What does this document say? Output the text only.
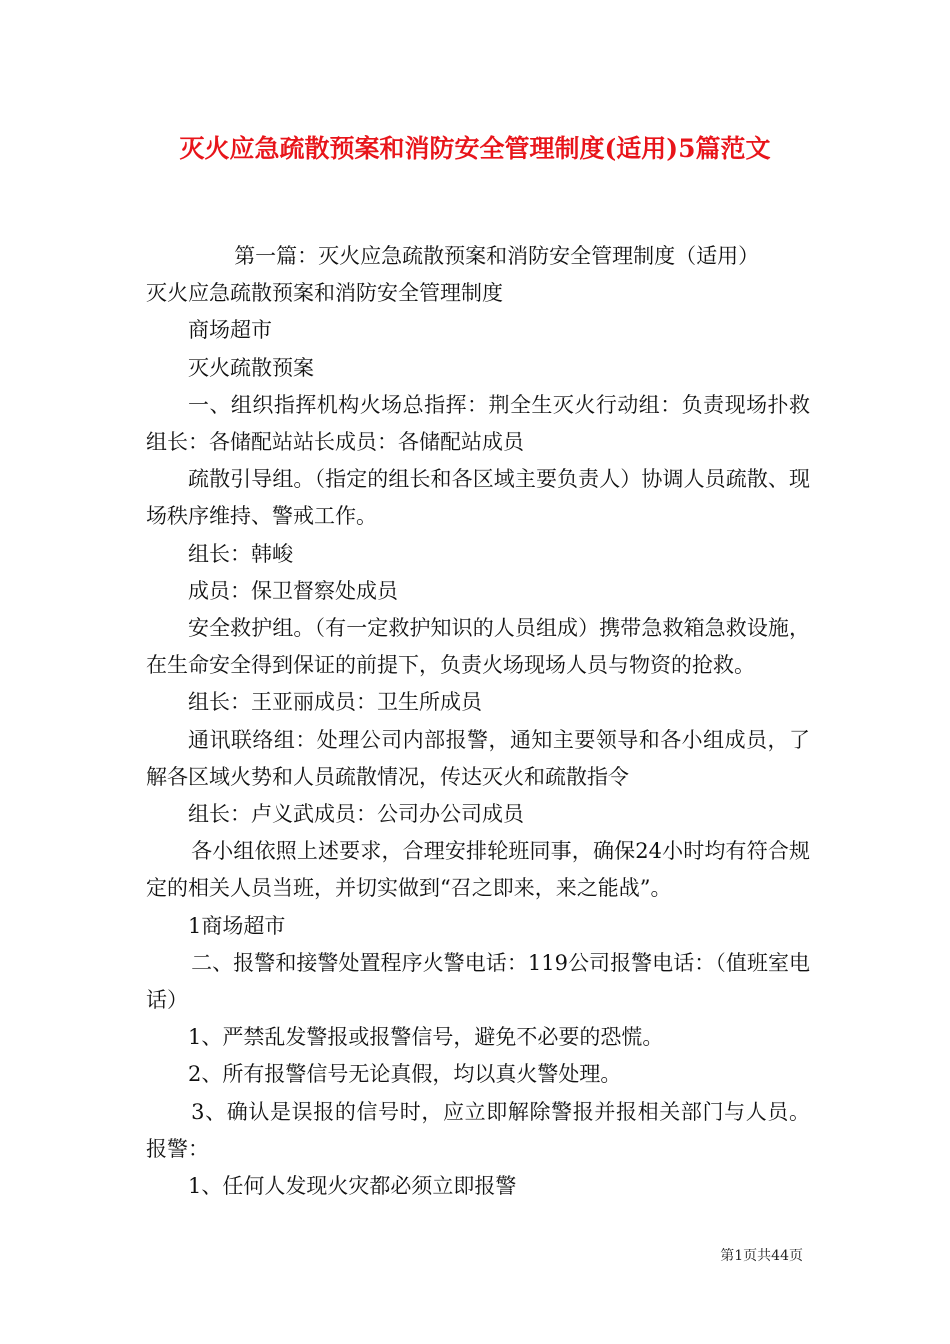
灭火应急疏散预案和消防安全管理制度(适用)5篇范文

第一篇：灭火应急疏散预案和消防安全管理制度（适用）

灭火应急疏散预案和消防安全管理制度

商场超市

灭火疏散预案

一、组织指挥机构火场总指挥：荆全生灭火行动组：负责现场扑救组长：各储配站站长成员：各储配站成员

疏散引导组。（指定的组长和各区域主要负责人）协调人员疏散、现场秩序维持、警戒工作。

组长：韩峻

成员：保卫督察处成员

安全救护组。（有一定救护知识的人员组成）携带急救箱急救设施，在生命安全得到保证的前提下，负责火场现场人员与物资的抢救。

组长：王亚丽成员：卫生所成员

通讯联络组：处理公司内部报警，通知主要领导和各小组成员，了解各区域火势和人员疏散情况，传达灭火和疏散指令

组长：卢义武成员：公司办公司成员

各小组依照上述要求，合理安排轮班同事，确保24小时均有符合规定的相关人员当班，并切实做到“召之即来，来之能战”。

1商场超市

二、报警和接警处置程序火警电话：119公司报警电话：（值班室电话）

1、严禁乱发警报或报警信号，避免不必要的恐慌。

2、所有报警信号无论真假，均以真火警处理。

3、确认是误报的信号时，应立即解除警报并报相关部门与人员。报警：

1、任何人发现火灾都必须立即报警

第1页共44页
